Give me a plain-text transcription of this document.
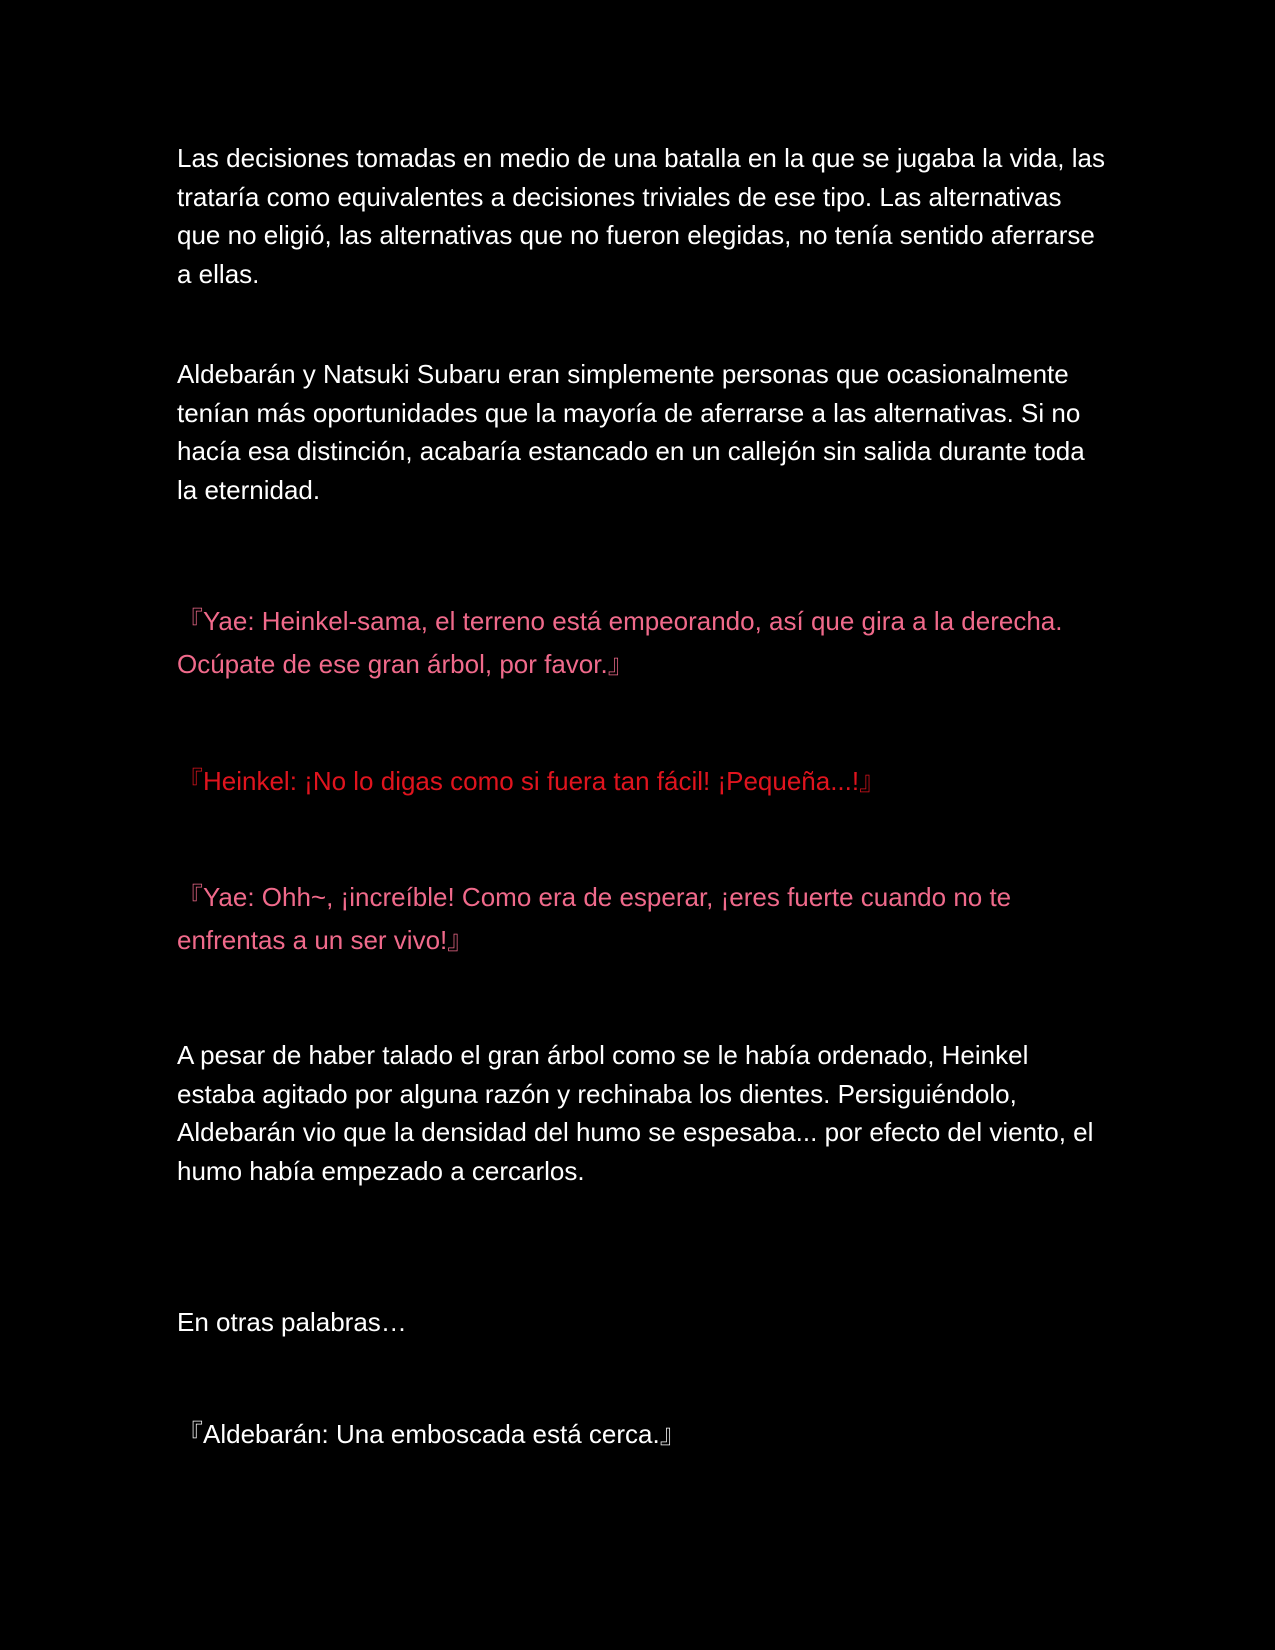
Las decisiones tomadas en medio de una batalla en la que se jugaba la vida, las trataría como equivalentes a decisiones triviales de ese tipo. Las alternativas que no eligió, las alternativas que no fueron elegidas, no tenía sentido aferrarse a ellas.

Aldebarán y Natsuki Subaru eran simplemente personas que ocasionalmente tenían más oportunidades que la mayoría de aferrarse a las alternativas. Si no hacía esa distinción, acabaría estancado en un callejón sin salida durante toda la eternidad.

『Yae: Heinkel-sama, el terreno está empeorando, así que gira a la derecha. Ocúpate de ese gran árbol, por favor.』

『Heinkel: ¡No lo digas como si fuera tan fácil! ¡Pequeña...!』

『Yae: Ohh~, ¡increíble! Como era de esperar, ¡eres fuerte cuando no te enfrentas a un ser vivo!』

A pesar de haber talado el gran árbol como se le había ordenado, Heinkel estaba agitado por alguna razón y rechinaba los dientes. Persiguiéndolo, Aldebarán vio que la densidad del humo se espesaba... por efecto del viento, el humo había empezado a cercarlos.

En otras palabras…

『Aldebarán: Una emboscada está cerca.』
